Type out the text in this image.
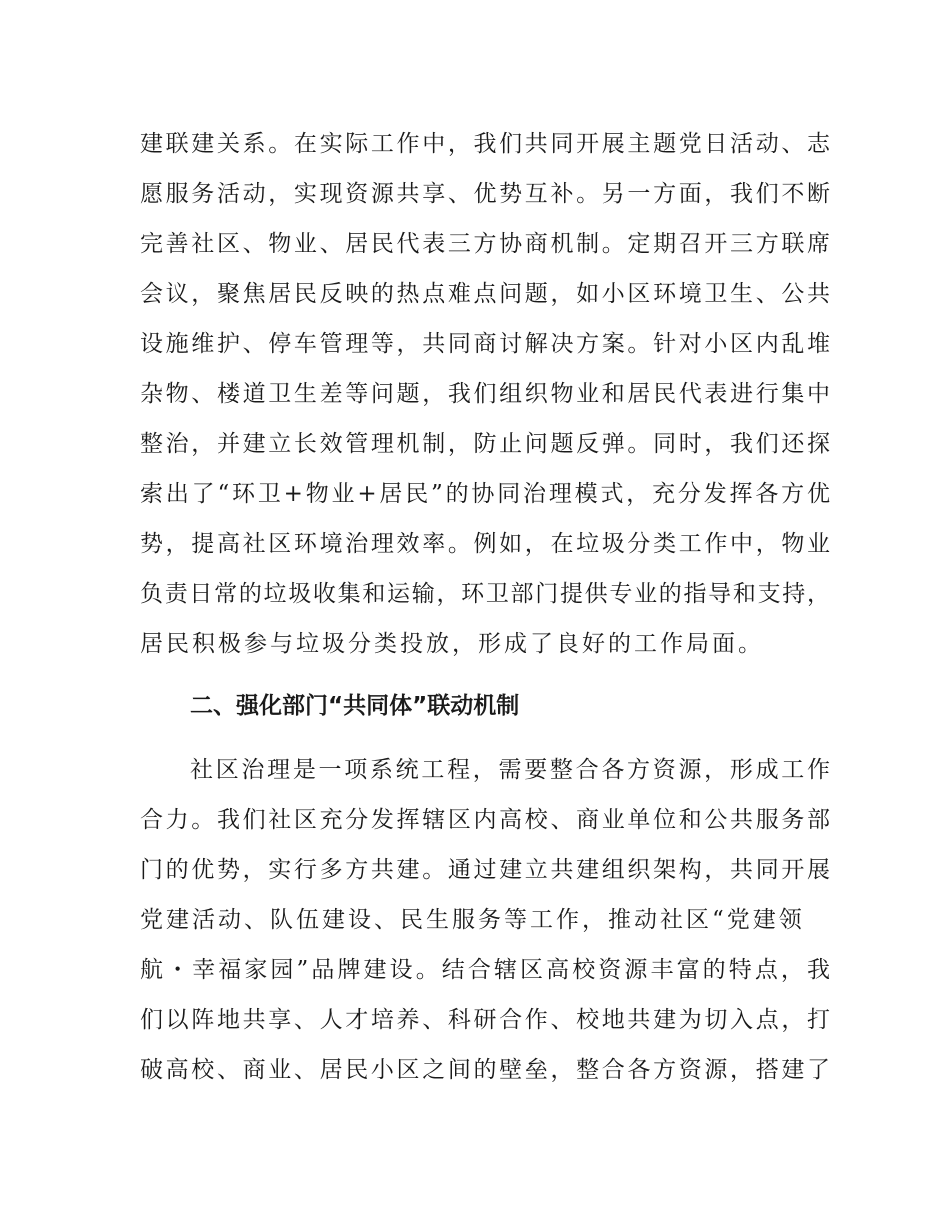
建联建关系。在实际工作中，我们共同开展主题党日活动、志
愿服务活动，实现资源共享、优势互补。另一方面，我们不断
完善社区、物业、居民代表三方协商机制。定期召开三方联席
会议，聚焦居民反映的热点难点问题，如小区环境卫生、公共
设施维护、停车管理等，共同商讨解决方案。针对小区内乱堆
杂物、楼道卫生差等问题，我们组织物业和居民代表进行集中
整治，并建立长效管理机制，防止问题反弹。同时，我们还探
索出了“环卫+物业+居民”的协同治理模式，充分发挥各方优
势，提高社区环境治理效率。例如，在垃圾分类工作中，物业
负责日常的垃圾收集和运输，环卫部门提供专业的指导和支持，
居民积极参与垃圾分类投放，形成了良好的工作局面。
二、强化部门“共同体”联动机制
社区治理是一项系统工程，需要整合各方资源，形成工作
合力。我们社区充分发挥辖区内高校、商业单位和公共服务部
门的优势，实行多方共建。通过建立共建组织架构，共同开展
党建活动、队伍建设、民生服务等工作，推动社区“党建领
航・幸福家园”品牌建设。结合辖区高校资源丰富的特点，我
们以阵地共享、人才培养、科研合作、校地共建为切入点，打
破高校、商业、居民小区之间的壁垒，整合各方资源，搭建了
